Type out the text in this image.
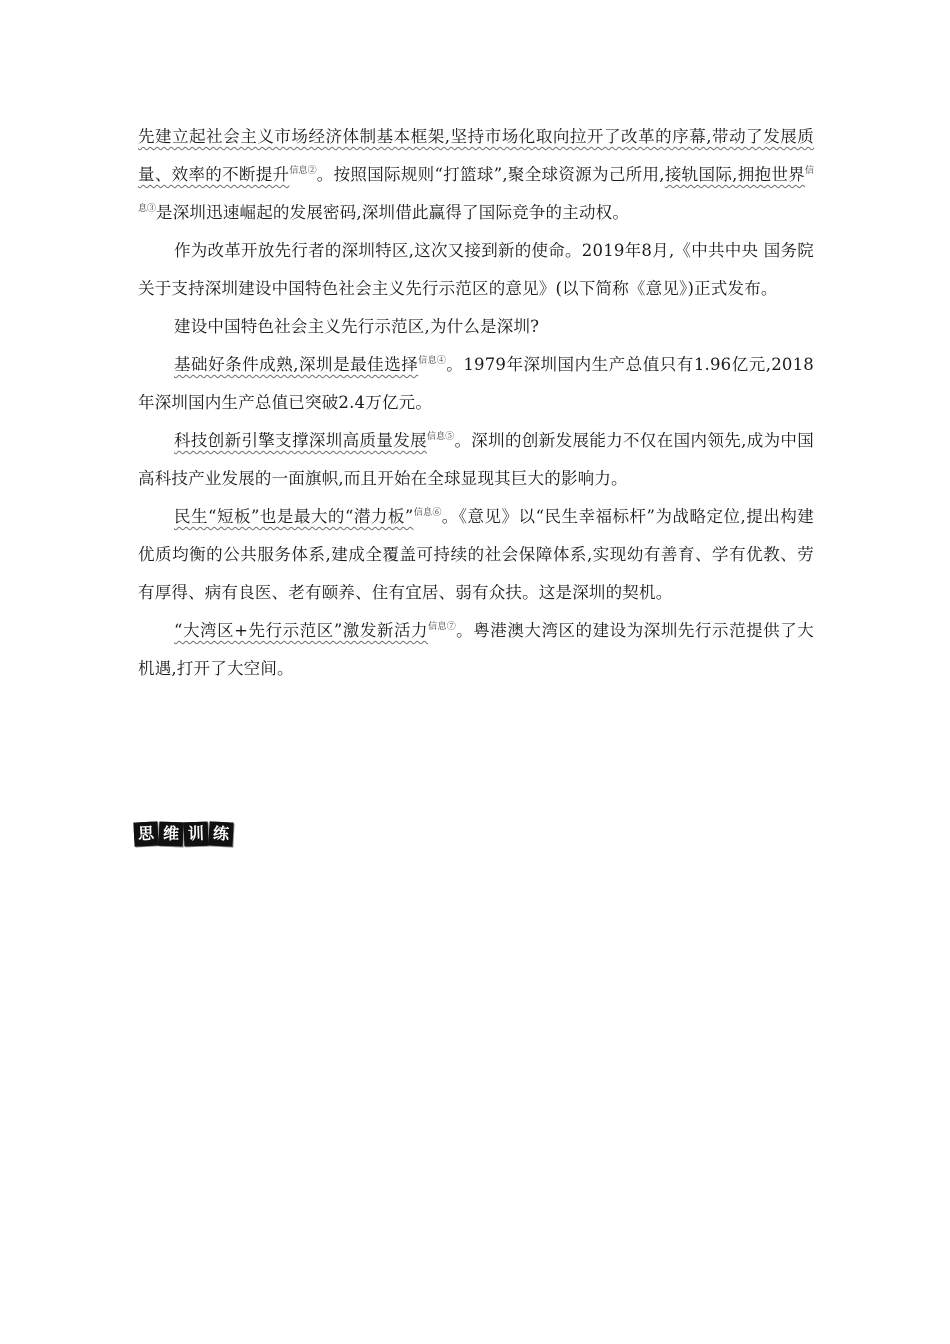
先建立起社会主义市场经济体制基本框架,坚持市场化取向拉开了改革的序幕,带动了发展质量、效率的不断提升$^{信息②}$。按照国际规则“打篮球”,聚全球资源为己所用,接轨国际,拥抱世界$^{信息③}$是深圳迅速崛起的发展密码,深圳借此赢得了国际竞争的主动权。

作为改革开放先行者的深圳特区,这次又接到新的使命。2019年8月,《中共中央 国务院关于支持深圳建设中国特色社会主义先行示范区的意见》(以下简称《意见》)正式发布。

建设中国特色社会主义先行示范区,为什么是深圳?

基础好条件成熟,深圳是最佳选择$^{信息④}$。1979年深圳国内生产总值只有1.96亿元,2018年深圳国内生产总值已突破2.4万亿元。

科技创新引擎支撑深圳高质量发展$^{信息⑤}$。深圳的创新发展能力不仅在国内领先,成为中国高科技产业发展的一面旗帜,而且开始在全球显现其巨大的影响力。

民生“短板”也是最大的“潜力板”$^{信息⑥}$。《意见》以“民生幸福标杆”为战略定位,提出构建优质均衡的公共服务体系,建成全覆盖可持续的社会保障体系,实现幼有善育、学有优教、劳有厚得、病有良医、老有颐养、住有宜居、弱有众扶。这是深圳的契机。

“大湾区+先行示范区”激发新活力$^{信息⑦}$。粤港澳大湾区的建设为深圳先行示范提供了大机遇,打开了大空间。

思 维 训 练
